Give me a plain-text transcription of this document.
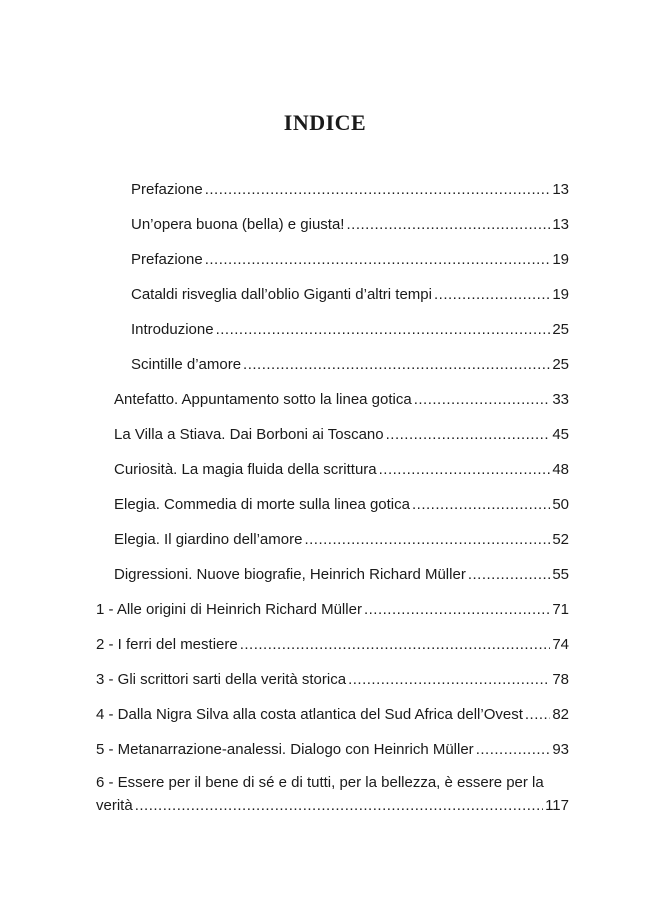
INDICE
Prefazione .....	13
Un’opera buona (bella) e giusta! .....	13
Prefazione .....	19
Cataldi risveglia dall’oblio Giganti d’altri tempi .....	19
Introduzione .....	25
Scintille d’amore .....	25
Antefatto. Appuntamento sotto la linea gotica .....	33
La Villa a Stiava. Dai Borboni ai Toscano .....	45
Curiosità. La magia fluida della scrittura .....	48
Elegia. Commedia di morte sulla linea gotica .....	50
Elegia. Il giardino dell’amore .....	52
Digressioni. Nuove biografie, Heinrich Richard Müller .....	55
1 - Alle origini di Heinrich Richard Müller .....	71
2 - I ferri del mestiere .....	74
3 - Gli scrittori sarti della verità storica .....	78
4 - Dalla Nigra Silva alla costa atlantica del Sud Africa dell’Ovest ..... 82
5 - Metanarrazione-analessi. Dialogo con Heinrich Müller .....	93
6 - Essere per il bene di sé e di tutti, per la bellezza, è essere per la
verità .....	117
